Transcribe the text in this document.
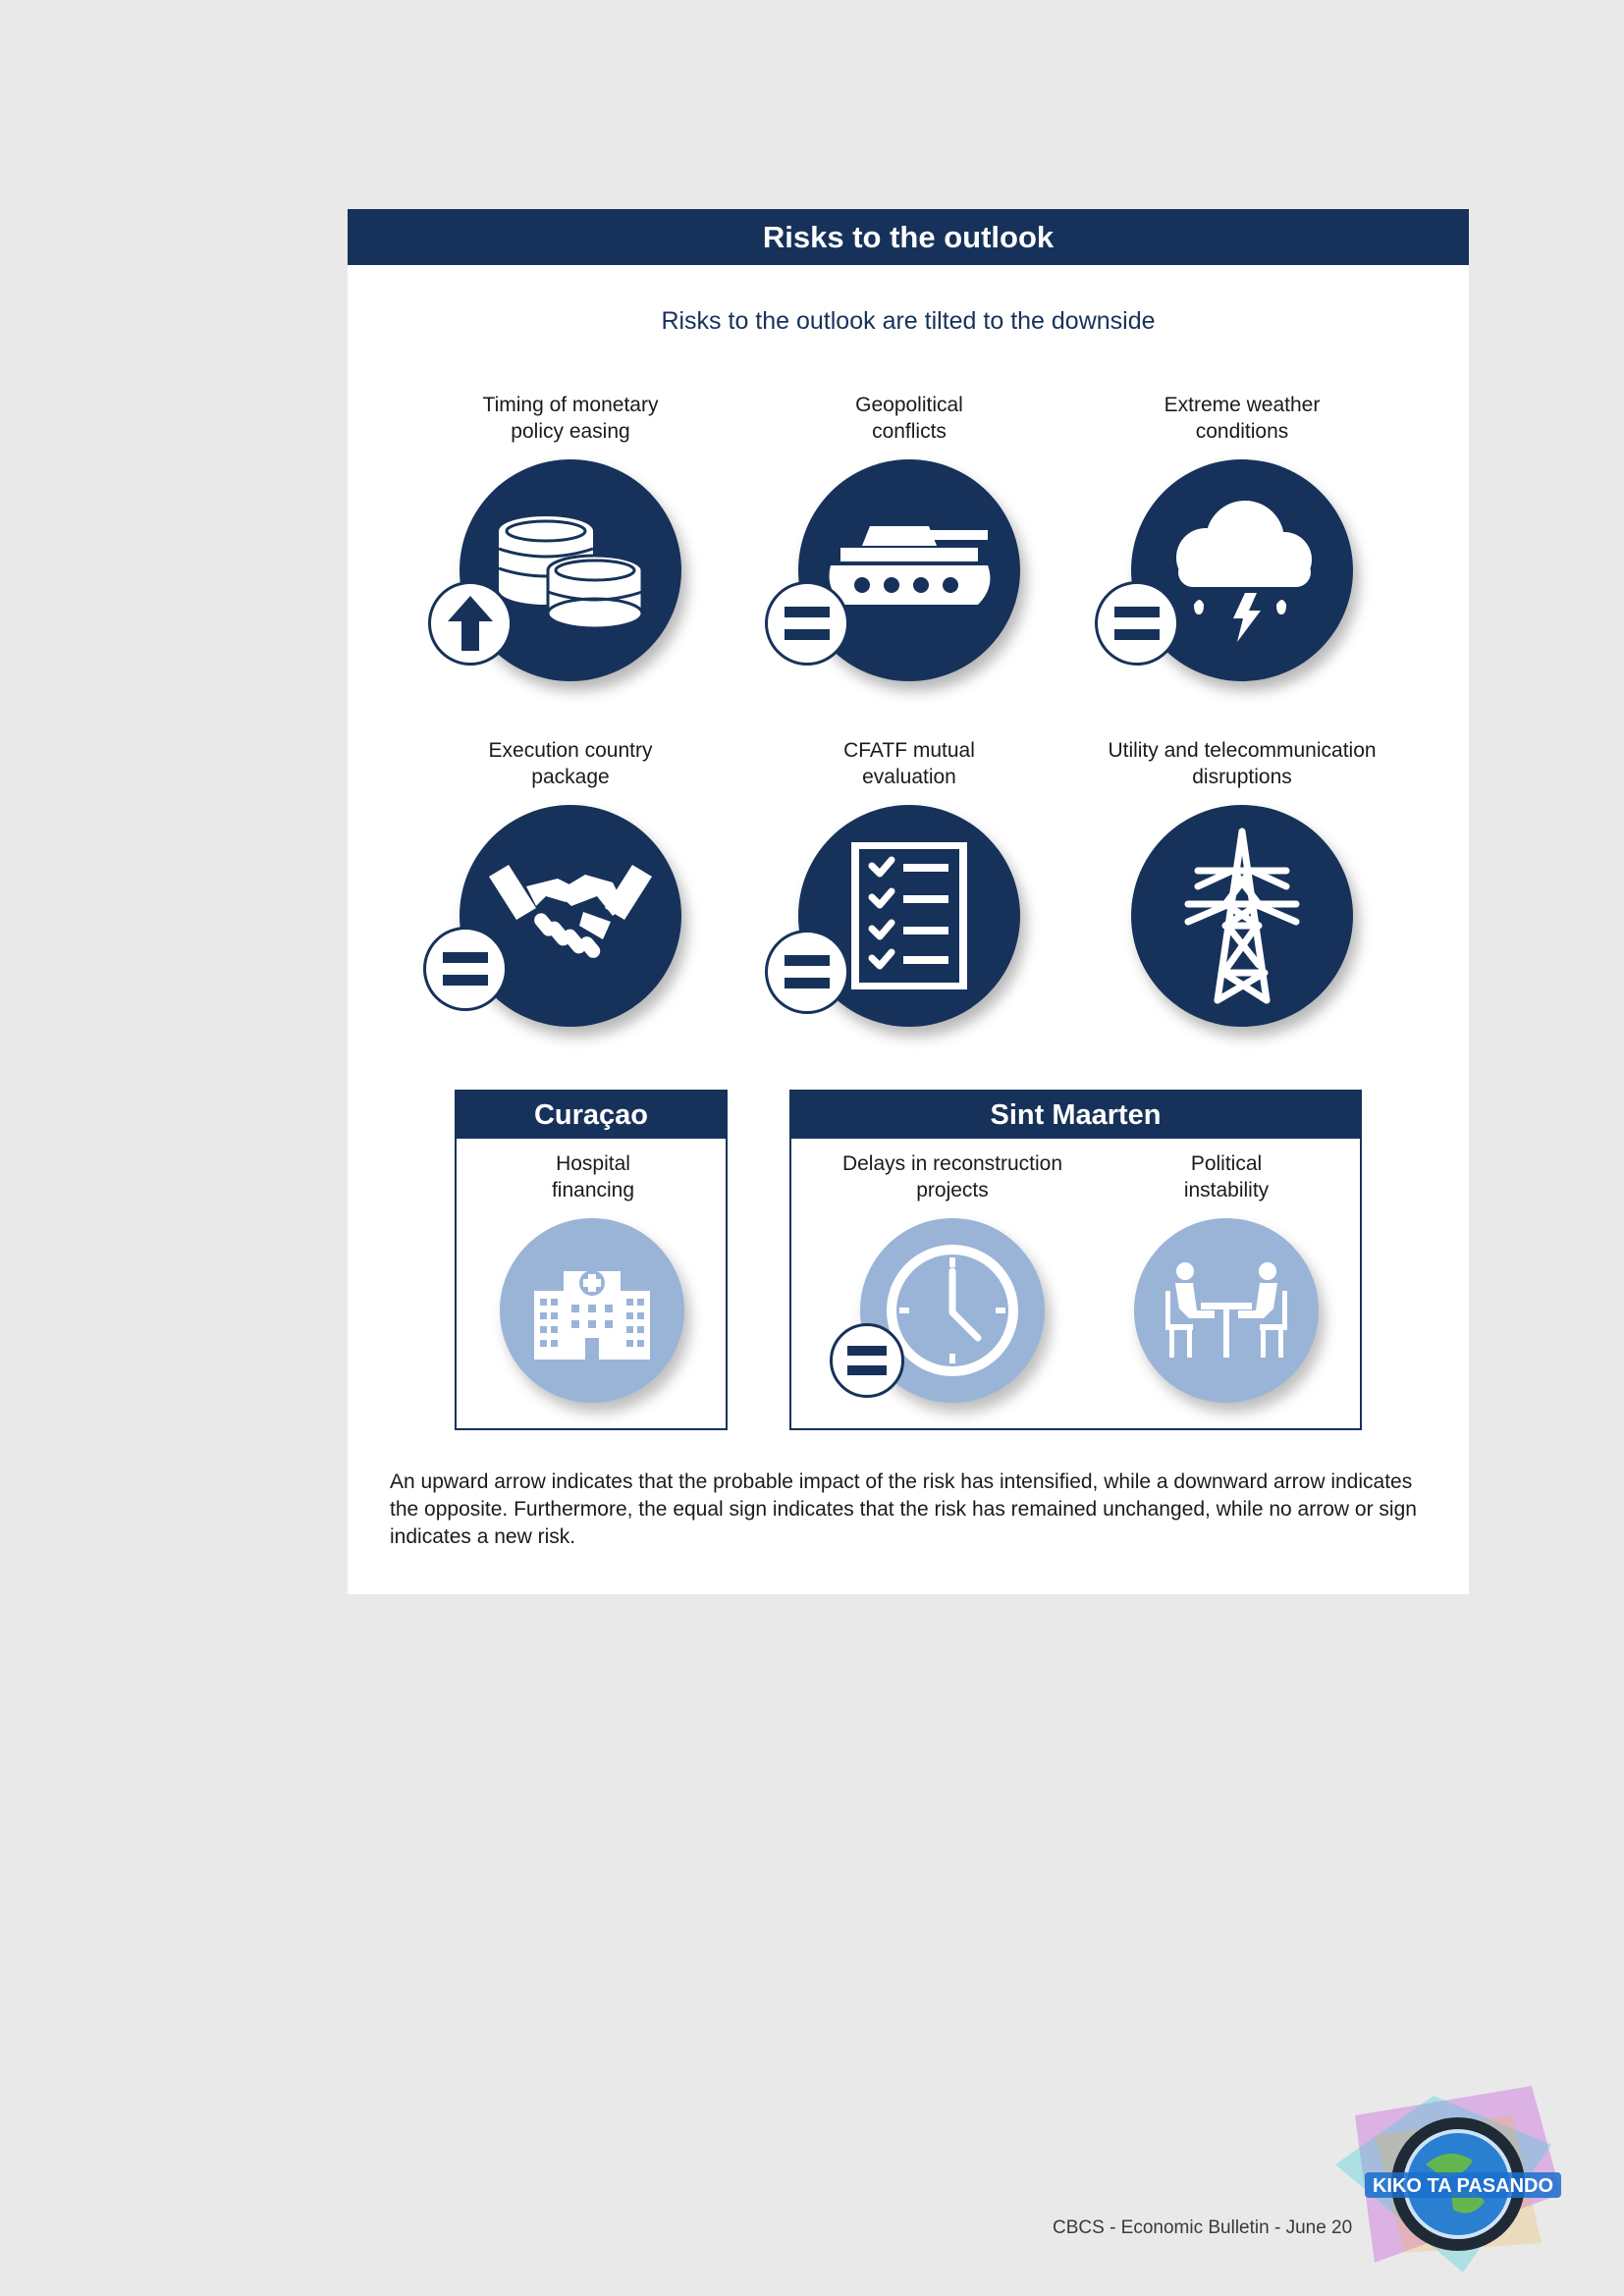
Risks to the outlook
Risks to the outlook are tilted to the downside
Timing of monetary
policy easing
Geopolitical
conflicts
Extreme weather
conditions
Execution country
package
CFATF mutual
evaluation
Utility and telecommunication
disruptions
Curaçao
Hospital
financing
Sint Maarten
Delays in reconstruction
projects
Political
instability
An upward arrow indicates that the probable impact of the risk has intensified, while a downward arrow indicates the opposite. Furthermore, the equal sign indicates that the risk has remained unchanged, while no arrow or sign indicates a new risk.
CBCS - Economic Bulletin - June 20
KIKO TA PASANDO
